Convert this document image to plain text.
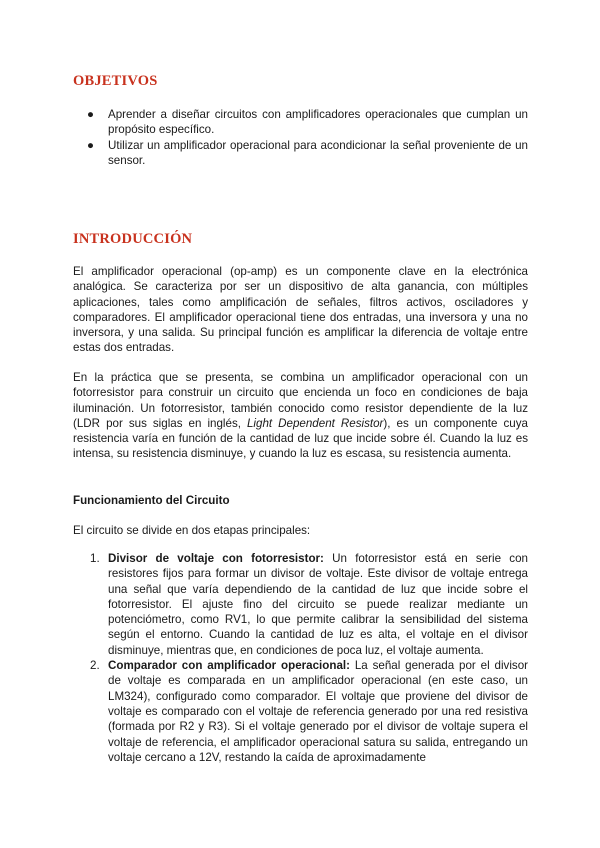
OBJETIVOS
● Aprender a diseñar circuitos con amplificadores operacionales que cumplan un propósito específico.
● Utilizar un amplificador operacional para acondicionar la señal proveniente de un sensor.
INTRODUCCIÓN

El amplificador operacional (op-amp) es un componente clave en la electrónica analógica. Se caracteriza por ser un dispositivo de alta ganancia, con múltiples aplicaciones, tales como amplificación de señales, filtros activos, osciladores y comparadores. El amplificador operacional tiene dos entradas, una inversora y una no inversora, y una salida. Su principal función es amplificar la diferencia de voltaje entre estas dos entradas.

En la práctica que se presenta, se combina un amplificador operacional con un fotorresistor para construir un circuito que encienda un foco en condiciones de baja iluminación. Un fotorresistor, también conocido como resistor dependiente de la luz (LDR por sus siglas en inglés, Light Dependent Resistor), es un componente cuya resistencia varía en función de la cantidad de luz que incide sobre él. Cuando la luz es intensa, su resistencia disminuye, y cuando la luz es escasa, su resistencia aumenta.

Funcionamiento del Circuito

El circuito se divide en dos etapas principales:

1. Divisor de voltaje con fotorresistor: Un fotorresistor está en serie con resistores fijos para formar un divisor de voltaje. Este divisor de voltaje entrega una señal que varía dependiendo de la cantidad de luz que incide sobre el fotorresistor. El ajuste fino del circuito se puede realizar mediante un potenciómetro, como RV1, lo que permite calibrar la sensibilidad del sistema según el entorno. Cuando la cantidad de luz es alta, el voltaje en el divisor disminuye, mientras que, en condiciones de poca luz, el voltaje aumenta.
2. Comparador con amplificador operacional: La señal generada por el divisor de voltaje es comparada en un amplificador operacional (en este caso, un LM324), configurado como comparador. El voltaje que proviene del divisor de voltaje es comparado con el voltaje de referencia generado por una red resistiva (formada por R2 y R3). Si el voltaje generado por el divisor de voltaje supera el voltaje de referencia, el amplificador operacional satura su salida, entregando un voltaje cercano a 12V, restando la caída de aproximadamente
